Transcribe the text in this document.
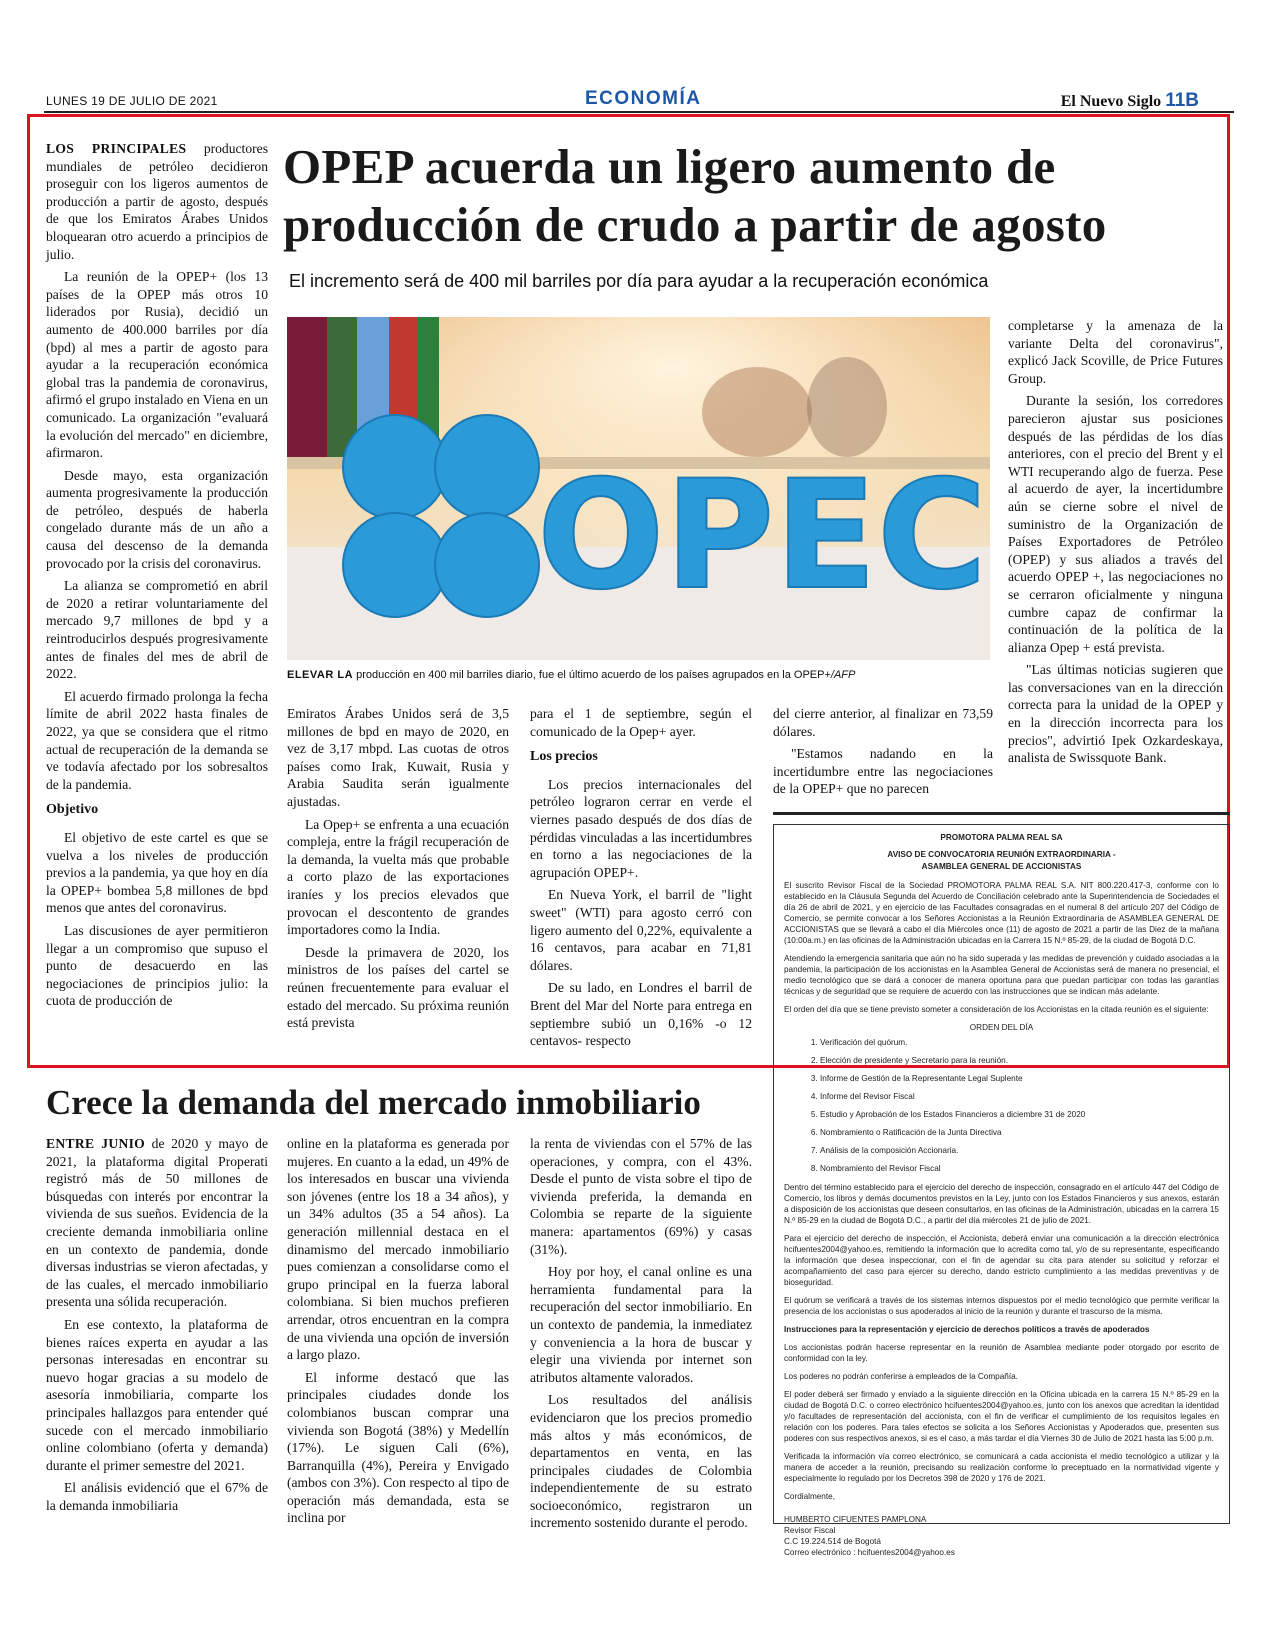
LUNES 19 DE JULIO DE 2021	ECONOMÍA	El Nuevo Siglo 11B
OPEP acuerda un ligero aumento de producción de crudo a partir de agosto
El incremento será de 400 mil barriles por día para ayudar a la recuperación económica

LOS PRINCIPALES productores mundiales de petróleo decidieron proseguir con los ligeros aumentos de producción a partir de agosto, después de que los Emiratos Árabes Unidos bloquearan otro acuerdo a principios de julio.

La reunión de la OPEP+ (los 13 países de la OPEP más otros 10 liderados por Rusia), decidió un aumento de 400.000 barriles por día (bpd) al mes a partir de agosto para ayudar a la recuperación económica global tras la pandemia de coronavirus, afirmó el grupo instalado en Viena en un comunicado. La organización "evaluará la evolución del mercado" en diciembre, afirmaron.

Desde mayo, esta organización aumenta progresivamente la producción de petróleo, después de haberla congelado durante más de un año a causa del descenso de la demanda provocado por la crisis del coronavirus.

La alianza se comprometió en abril de 2020 a retirar voluntariamente del mercado 9,7 millones de bpd y a reintroducirlos después progresivamente antes de finales del mes de abril de 2022.

El acuerdo firmado prolonga la fecha límite de abril 2022 hasta finales de 2022, ya que se considera que el ritmo actual de recuperación de la demanda se ve todavía afectado por los sobresaltos de la pandemia.

Objetivo

El objetivo de este cartel es que se vuelva a los niveles de producción previos a la pandemia, ya que hoy en día la OPEP+ bombea 5,8 millones de bpd menos que antes del coronavirus.

Las discusiones de ayer permitieron llegar a un compromiso que supuso el punto de desacuerdo en las negociaciones de principios julio: la cuota de producción de

OPEC
ELEVAR LA producción en 400 mil barriles diario, fue el último acuerdo de los países agrupados en la OPEP+/AFP

Emiratos Árabes Unidos será de 3,5 millones de bpd en mayo de 2020, en vez de 3,17 mbpd. Las cuotas de otros países como Irak, Kuwait, Rusia y Arabia Saudita serán igualmente ajustadas.

La Opep+ se enfrenta a una ecuación compleja, entre la frágil recuperación de la demanda, la vuelta más que probable a corto plazo de las exportaciones iraníes y los precios elevados que provocan el descontento de grandes importadores como la India.

Desde la primavera de 2020, los ministros de los países del cartel se reúnen frecuentemente para evaluar el estado del mercado. Su próxima reunión está prevista

para el 1 de septiembre, según el comunicado de la Opep+ ayer.

Los precios

Los precios internacionales del petróleo lograron cerrar en verde el viernes pasado después de dos días de pérdidas vinculadas a las incertidumbres en torno a las negociaciones de la agrupación OPEP+.

En Nueva York, el barril de "light sweet" (WTI) para agosto cerró con ligero aumento del 0,22%, equivalente a 16 centavos, para acabar en 71,81 dólares.

De su lado, en Londres el barril de Brent del Mar del Norte para entrega en septiembre subió un 0,16% -o 12 centavos- respecto

del cierre anterior, al finalizar en 73,59 dólares.

"Estamos nadando en la incertidumbre entre las negociaciones de la OPEP+ que no parecen

completarse y la amenaza de la variante Delta del coronavirus", explicó Jack Scoville, de Price Futures Group.

Durante la sesión, los corredores parecieron ajustar sus posiciones después de las pérdidas de los días anteriores, con el precio del Brent y el WTI recuperando algo de fuerza. Pese al acuerdo de ayer, la incertidumbre aún se cierne sobre el nivel de suministro de la Organización de Países Exportadores de Petróleo (OPEP) y sus aliados a través del acuerdo OPEP +, las negociaciones no se cerraron oficialmente y ninguna cumbre capaz de confirmar la continuación de la política de la alianza Opep + está prevista.

"Las últimas noticias sugieren que las conversaciones van en la dirección correcta para la unidad de la OPEP y en la dirección incorrecta para los precios", advirtió Ipek Ozkardeskaya, analista de Swissquote Bank.

Crece la demanda del mercado inmobiliario

ENTRE JUNIO de 2020 y mayo de 2021, la plataforma digital Properati registró más de 50 millones de búsquedas con interés por encontrar la vivienda de sus sueños. Evidencia de la creciente demanda inmobiliaria online en un contexto de pandemia, donde diversas industrias se vieron afectadas, y de las cuales, el mercado inmobiliario presenta una sólida recuperación.

En ese contexto, la plataforma de bienes raíces experta en ayudar a las personas interesadas en encontrar su nuevo hogar gracias a su modelo de asesoría inmobiliaria, comparte los principales hallazgos para entender qué sucede con el mercado inmobiliario online colombiano (oferta y demanda) durante el primer semestre del 2021.

El análisis evidenció que el 67% de la demanda inmobiliaria

online en la plataforma es generada por mujeres. En cuanto a la edad, un 49% de los interesados en buscar una vivienda son jóvenes (entre los 18 a 34 años), y un 34% adultos (35 a 54 años). La generación millennial destaca en el dinamismo del mercado inmobiliario pues comienzan a consolidarse como el grupo principal en la fuerza laboral colombiana. Si bien muchos prefieren arrendar, otros encuentran en la compra de una vivienda una opción de inversión a largo plazo.

El informe destacó que las principales ciudades donde los colombianos buscan comprar una vivienda son Bogotá (38%) y Medellín (17%). Le siguen Cali (6%), Barranquilla (4%), Pereira y Envigado (ambos con 3%). Con respecto al tipo de operación más demandada, esta se inclina por

la renta de viviendas con el 57% de las operaciones, y compra, con el 43%. Desde el punto de vista sobre el tipo de vivienda preferida, la demanda en Colombia se reparte de la siguiente manera: apartamentos (69%) y casas (31%).

Hoy por hoy, el canal online es una herramienta fundamental para la recuperación del sector inmobiliario. En un contexto de pandemia, la inmediatez y conveniencia a la hora de buscar y elegir una vivienda por internet son atributos altamente valorados.

Los resultados del análisis evidenciaron que los precios promedio más altos y más económicos, de departamentos en venta, en las principales ciudades de Colombia independientemente de su estrato socioeconómico, registraron un incremento sostenido durante el perodo.

PROMOTORA PALMA REAL SA
AVISO DE CONVOCATORIA REUNIÓN EXTRAORDINARIA -
ASAMBLEA GENERAL DE ACCIONISTAS

El suscrito Revisor Fiscal de la Sociedad PROMOTORA PALMA REAL S.A. NIT 800.220.417-3, conforme con lo establecido en la Cláusula Segunda del Acuerdo de Conciliación celebrado ante la Superintendencia de Sociedades el día 26 de abril de 2021, y en ejercicio de las Facultades consagradas en el numeral 8 del artículo 207 del Código de Comercio, se permite convocar a los Señores Accionistas a la Reunión Extraordinaria de ASAMBLEA GENERAL DE ACCIONISTAS que se llevará a cabo el día Miércoles once (11) de agosto de 2021 a partir de las Diez de la mañana (10:00a.m.) en las oficinas de la Administración ubicadas en la Carrera 15 N.º 85-29, de la ciudad de Bogotá D.C.

Atendiendo la emergencia sanitaria que aún no ha sido superada y las medidas de prevención y cuidado asociadas a la pandemia, la participación de los accionistas en la Asamblea General de Accionistas será de manera no presencial, el medio tecnológico que se dará a conocer de manera oportuna para que puedan participar con todas las garantías técnicas y de seguridad que se requiere de acuerdo con las instrucciones que se indican más adelante.

El orden del día que se tiene previsto someter a consideración de los Accionistas en la citada reunión es el siguiente:

ORDEN DEL DÍA
1. Verificación del quórum.
2. Elección de presidente y Secretario para la reunión.
3. Informe de Gestión de la Representante Legal Suplente
4. Informe del Revisor Fiscal
5. Estudio y Aprobación de los Estados Financieros a diciembre 31 de 2020
6. Nombramiento o Ratificación de la Junta Directiva
7. Análisis de la composición Accionaria.
8. Nombramiento del Revisor Fiscal

Dentro del término establecido para el ejercicio del derecho de inspección, consagrado en el artículo 447 del Código de Comercio, los libros y demás documentos previstos en la Ley, junto con los Estados Financieros y sus anexos, estarán a disposición de los accionistas que deseen consultarlos, en las oficinas de la Administración, ubicadas en la carrera 15 N.º 85-29 en la ciudad de Bogotá D.C., a partir del día miércoles 21 de julio de 2021.

Para el ejercicio del derecho de inspección, el Accionista, deberá enviar una comunicación a la dirección electrónica hcifuentes2004@yahoo.es, remitiendo la información que lo acredita como tal, y/o de su representante, especificando la información que desea inspeccionar, con el fin de agendar su cita para atender su solicitud y reforzar el acompañamiento del caso para ejercer su derecho, dando estricto cumplimiento a las medidas preventivas y de bioseguridad.

El quórum se verificará a través de los sistemas internos dispuestos por el medio tecnológico que permite verificar la presencia de los accionistas o sus apoderados al inicio de la reunión y durante el trascurso de la misma.

Instrucciones para la representación y ejercicio de derechos políticos a través de apoderados

Los accionistas podrán hacerse representar en la reunión de Asamblea mediante poder otorgado por escrito de conformidad con la ley.

Los poderes no podrán conferirse a empleados de la Compañía.

El poder deberá ser firmado y enviado a la siguiente dirección en la Oficina ubicada en la carrera 15 N.º 85-29 en la ciudad de Bogotá D.C. o correo electrónico hcifuentes2004@yahoo.es, junto con los anexos que acreditan la identidad y/o facultades de representación del accionista, con el fin de verificar el cumplimiento de los requisitos legales en relación con los poderes. Para tales efectos se solicita a los Señores Accionistas y Apoderados que, presenten sus poderes con sus respectivos anexos, si es el caso, a más tardar el día Viernes 30 de Julio de 2021 hasta las 5:00 p.m.

Verificada la información vía correo electrónico, se comunicará a cada accionista el medio tecnológico a utilizar y la manera de acceder a la reunión, precisando su realización conforme lo preceptuado en la normatividad vigente y especialmente lo regulado por los Decretos 398 de 2020 y 176 de 2021.

Cordialmente,

HUMBERTO CIFUENTES PAMPLONA

Revisor Fiscal

C.C 19.224.514 de Bogotá

Correo electrónico : hcifuentes2004@yahoo.es
